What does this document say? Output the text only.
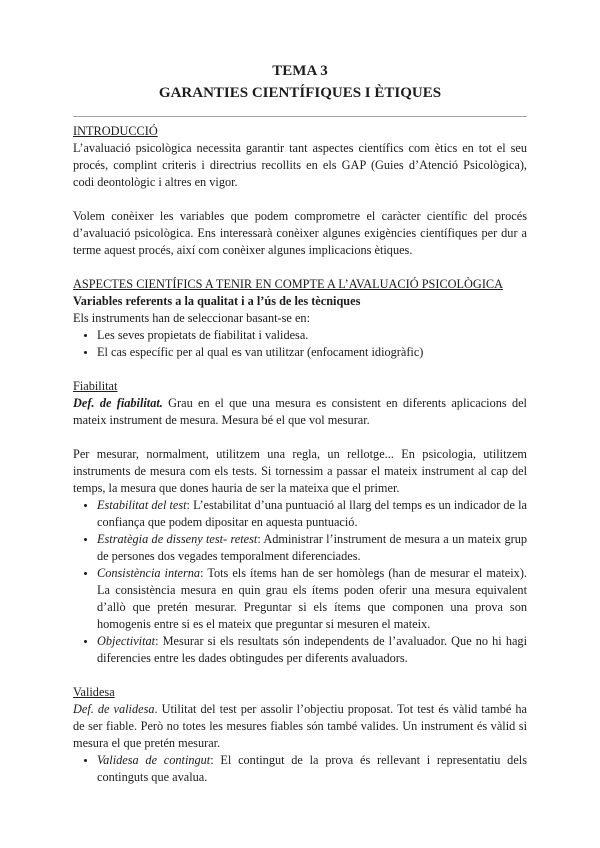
TEMA 3
GARANTIES CIENTÍFIQUES I ÈTIQUES
INTRODUCCIÓ

L’avaluació psicològica necessita garantir tant aspectes científics com ètics en tot el seu procés, complint criteris i directrius recollits en els GAP (Guies d’Atenció Psicològica), codi deontològic i altres en vigor.

Volem conèixer les variables que podem comprometre el caràcter científic del procés d’avaluació psicològica. Ens interessarà conèixer algunes exigències científiques per dur a terme aquest procés, així com conèixer algunes implicacions ètiques.

ASPECTES CIENTÍFICS A TENIR EN COMPTE A L’AVALUACIÓ PSICOLÒGICA

Variables referents a la qualitat i a l’ús de les tècniques

Els instruments han de seleccionar basant-se en:

• Les seves propietats de fiabilitat i validesa.
• El cas específic per al qual es van utilitzar (enfocament idiogràfic)
Fiabilitat

Def. de fiabilitat. Grau en el que una mesura es consistent en diferents aplicacions del mateix instrument de mesura. Mesura bé el que vol mesurar.

Per mesurar, normalment, utilitzem una regla, un rellotge... En psicologia, utilitzem instruments de mesura com els tests. Si tornessim a passar el mateix instrument al cap del temps, la mesura que dones hauria de ser la mateixa que el primer.

• Estabilitat del test: L’estabilitat d’una puntuació al llarg del temps es un indicador de la confiança que podem dipositar en aquesta puntuació.
• Estratègia de disseny test- retest: Administrar l’instrument de mesura a un mateix grup de persones dos vegades temporalment diferenciades.
• Consistència interna: Tots els ítems han de ser homòlegs (han de mesurar el mateix). La consistència mesura en quin grau els ítems poden oferir una mesura equivalent d’allò que pretén mesurar. Preguntar si els ítems que componen una prova son homogenis entre si es el mateix que preguntar si mesuren el mateix.
• Objectivitat: Mesurar si els resultats són independents de l’avaluador. Que no hi hagi diferencies entre les dades obtingudes per diferents avaluadors.
Validesa

Def. de validesa. Utilitat del test per assolir l’objectiu proposat. Tot test és vàlid també ha de ser fiable. Però no totes les mesures fiables són també valides. Un instrument és vàlid si mesura el que pretén mesurar.

• Validesa de contingut: El contingut de la prova és rellevant i representatiu dels continguts que avalua.
